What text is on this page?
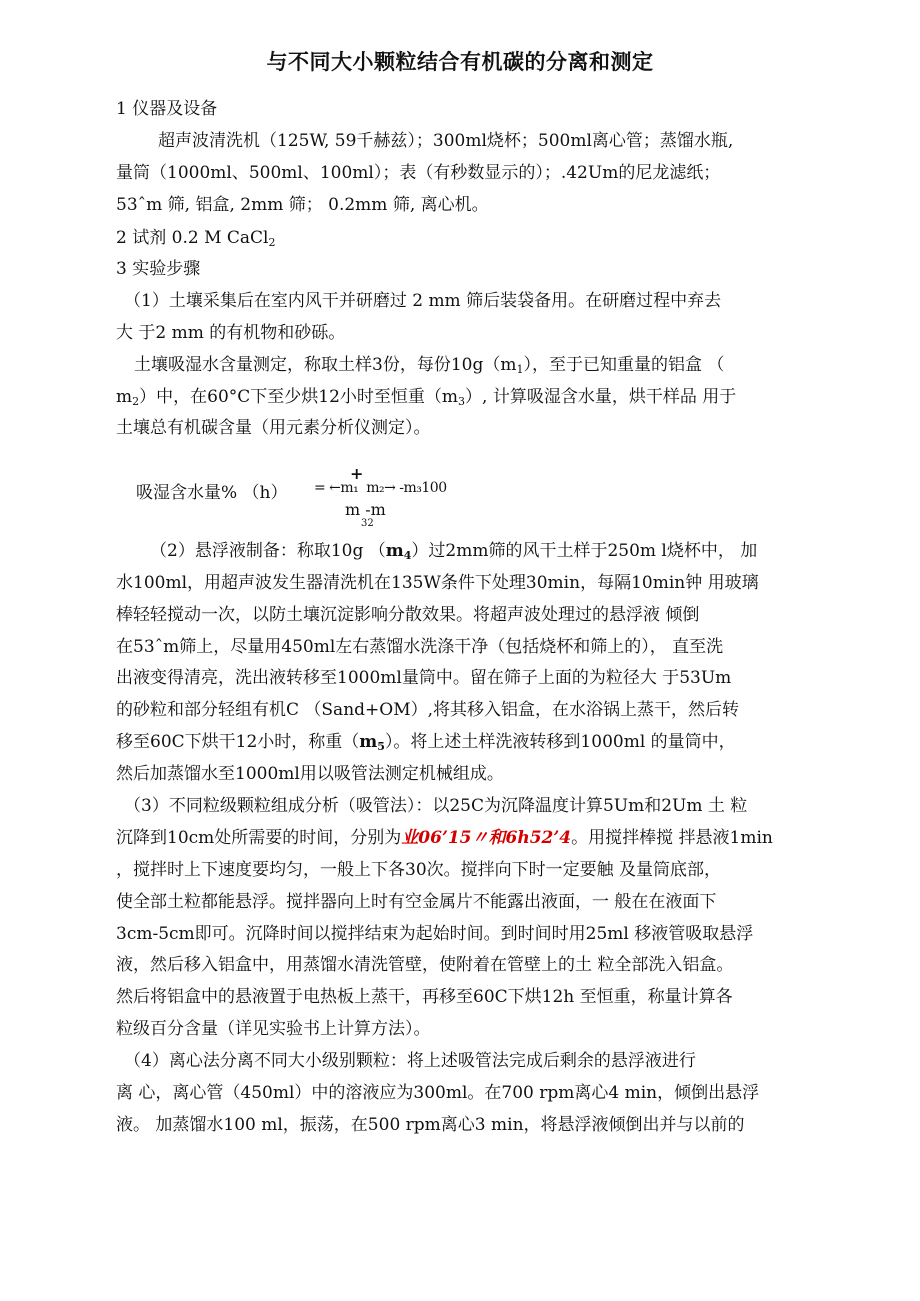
与不同大小颗粒结合有机碳的分离和测定
1 仪器及设备
超声波清洗机（125W, 59千赫兹）；300ml烧杯；500ml离心管；蒸馏水瓶,
量筒（1000ml、500ml、100ml）；表（有秒数显示的）；.42Um的尼龙滤纸；
53ˆm 筛, 铝盒, 2mm 筛； 0.2mm 筛, 离心机。
2 试剂 0.2 M CaCl$_2$
3 实验步骤
（1）土壤采集后在室内风干并研磨过 2 mm 筛后装袋备用。在研磨过程中弃去
大 于2 mm 的有机物和砂砾。
土壤吸湿水含量测定，称取土样3份，每份$10g(m_1)$，至于已知重量的铝盒 （
$m_2$）中，在60°C下至少烘12小时至恒重$(m_3)$, 计算吸湿含水量，烘干样品 用于
土壤总有机碳含量（用元素分析仪测定）。
吸湿含水量% （h）
+
= ←m₁ ⁣⁣ m₂→ -m₃100
m -m
32
（2）悬浮液制备：称取10g $(m_4)$过2mm筛的风干土样于250m l烧杯中， 加
水100ml，用超声波发生器清洗机在135W条件下处理30min，每隔10min钟 用玻璃
棒轻轻搅动一次，以防土壤沉淀影响分散效果。将超声波处理过的悬浮液 倾倒
在53ˆm筛上，尽量用450ml左右蒸馏水洗涤干净（包括烧杯和筛上的）， 直至洗
出液变得清亮，洗出液转移至1000ml量筒中。留在筛子上面的为粒径大 于53Um
的砂粒和部分轻组有机C （Sand+OM）,将其移入铝盒，在水浴锅上蒸干，然后转
移至60C下烘干12小时，称重$(m_5)$。将上述土样洗液转移到1000ml 的量筒中，
然后加蒸馏水至1000ml用以吸管法测定机械组成。
（3）不同粒级颗粒组成分析（吸管法）：以25C为沉降温度计算5Um和2Um 土 粒
沉降到10cm处所需要的时间，分别为业06’15〃和6h52’4。用搅拌棒搅 拌悬液1min
，搅拌时上下速度要均匀，一般上下各30次。搅拌向下时一定要触 及量筒底部，
使全部土粒都能悬浮。搅拌器向上时有空金属片不能露出液面，一 般在在液面下
3cm-5cm即可。沉降时间以搅拌结束为起始时间。到时间时用25ml 移液管吸取悬浮
液，然后移入铝盒中，用蒸馏水清洗管壁，使附着在管壁上的土 粒全部洗入铝盒。
然后将铝盒中的悬液置于电热板上蒸干，再移至60C下烘12h 至恒重，称量计算各
粒级百分含量（详见实验书上计算方法）。
（4）离心法分离不同大小级别颗粒：将上述吸管法完成后剩余的悬浮液进行
离 心，离心管（450ml）中的溶液应为300ml。在700 rpm离心4 min，倾倒出悬浮
液。 加蒸馏水100 ml，振荡，在500 rpm离心3 min，将悬浮液倾倒出并与以前的
